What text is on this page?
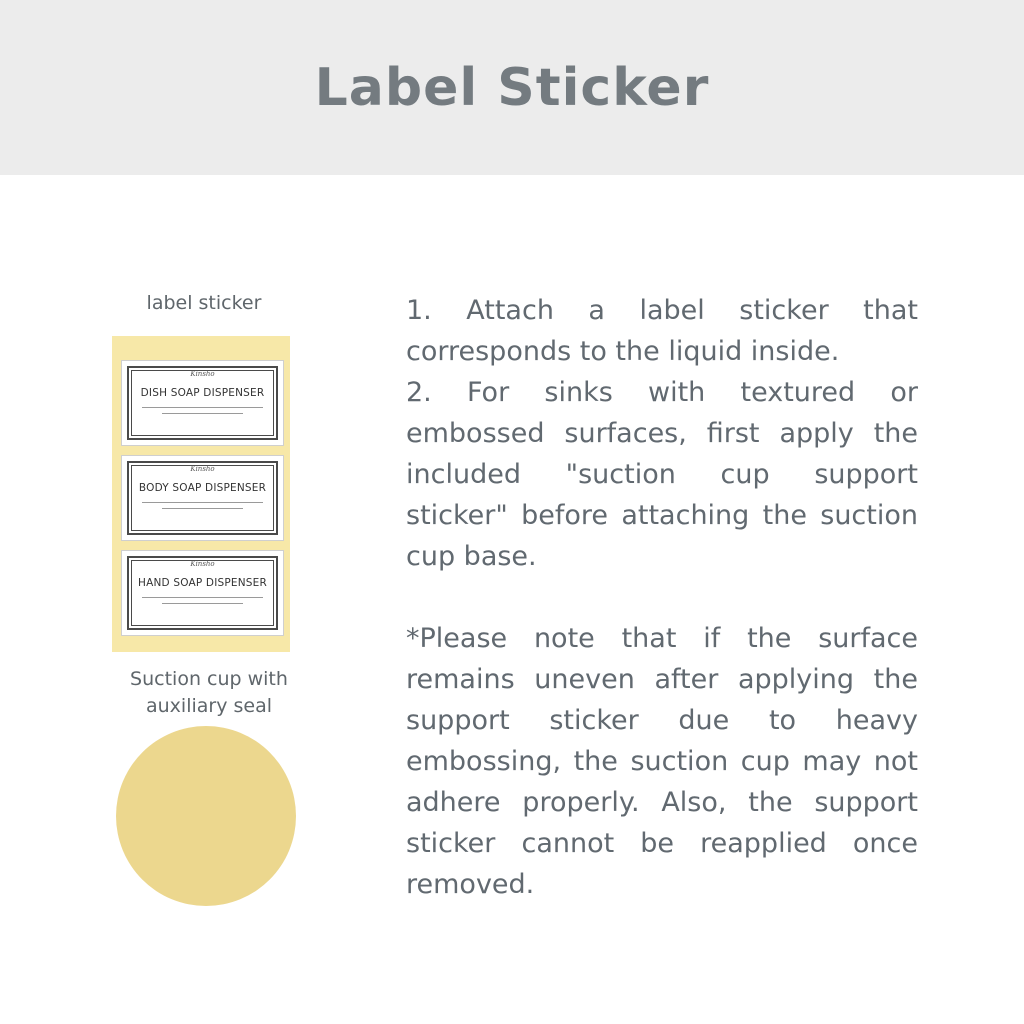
Label Sticker
label sticker
Kinsho
DISH SOAP DISPENSER
Kinsho
BODY SOAP DISPENSER
Kinsho
HAND SOAP DISPENSER
Suction cup with auxiliary seal

1. Attach a label sticker that corresponds to the liquid inside.

2. For sinks with textured or embossed surfaces, first apply the included "suction cup support sticker" before attaching the suction cup base.

*Please note that if the surface remains uneven after applying the support sticker due to heavy embossing, the suction cup may not adhere properly. Also, the support sticker cannot be reapplied once removed.
